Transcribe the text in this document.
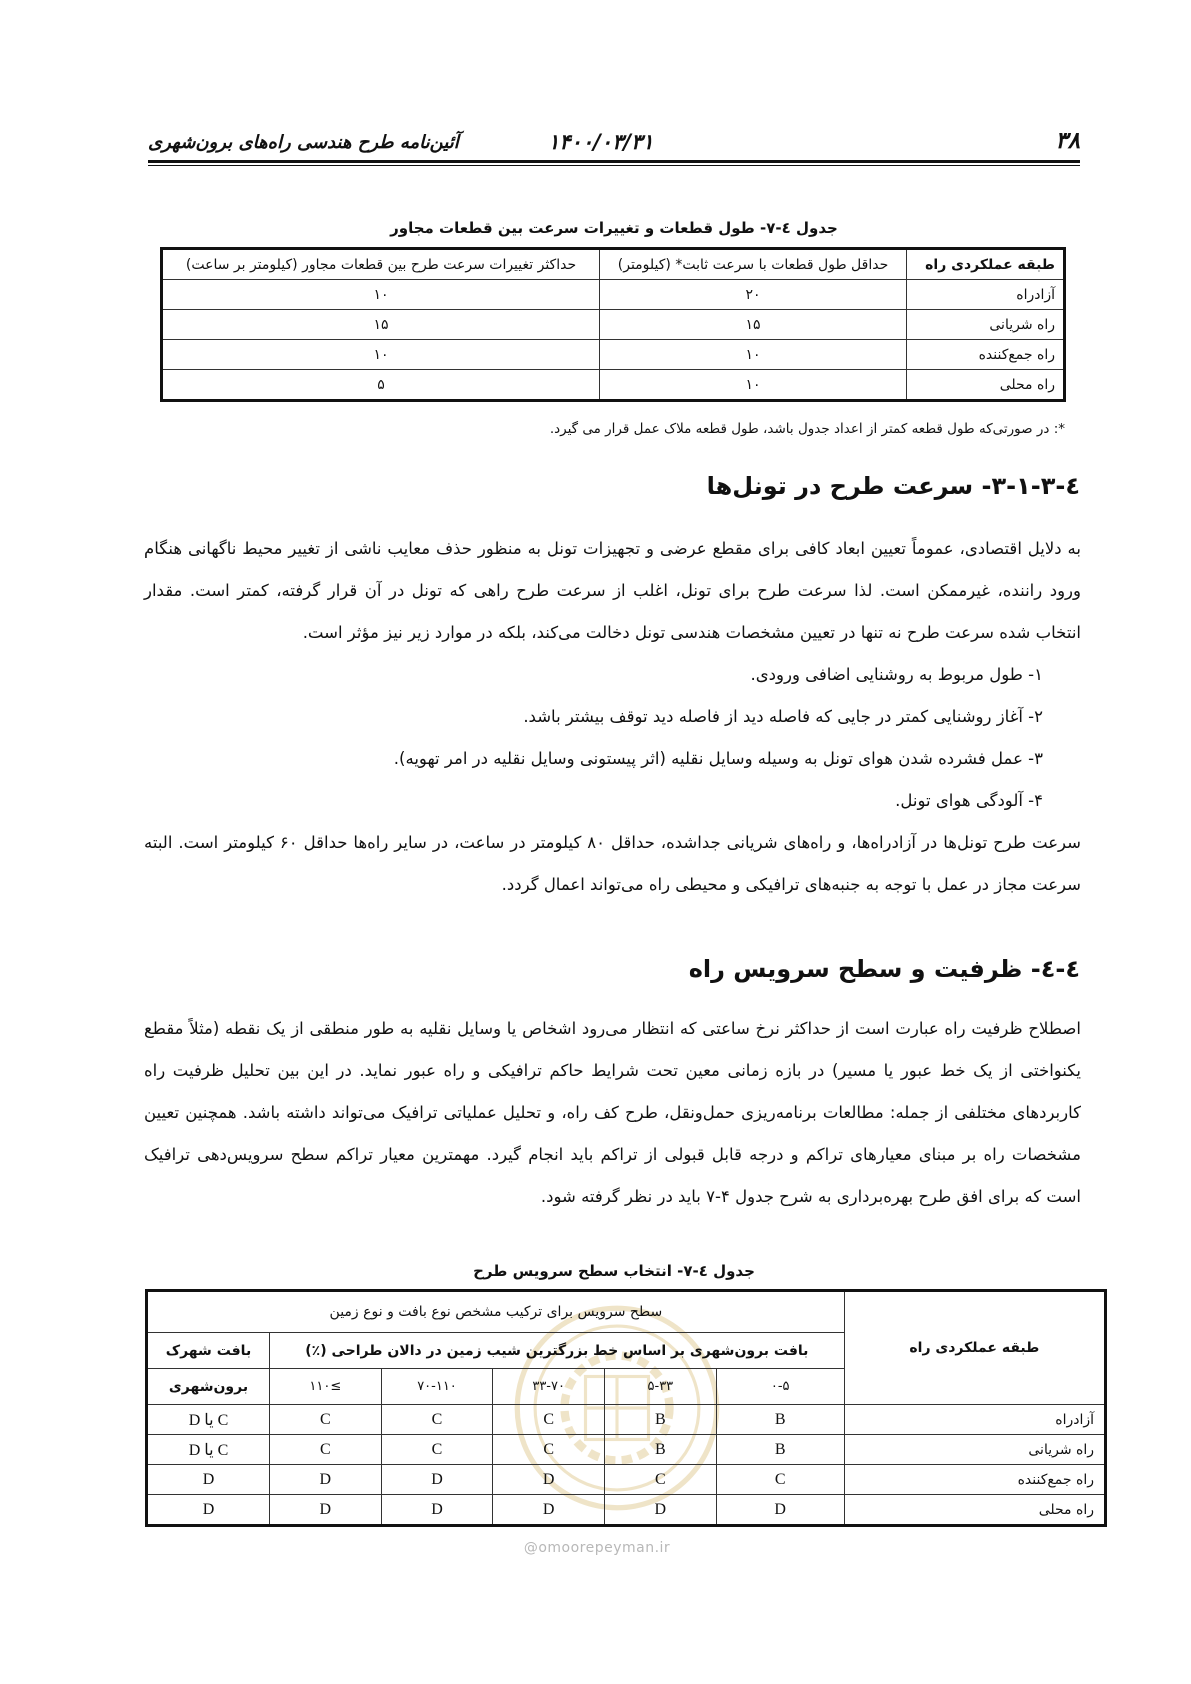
۳۸
۱۴۰۰/۰۳/۳۱
آئین‌نامه طرح هندسی راه‌های برون‌شهری
جدول ٤-٧- طول قطعات و تغییرات سرعت بین قطعات مجاور
طبقه عملکردی راه	حداقل طول قطعات با سرعت ثابت* (کیلومتر)	حداکثر تغییرات سرعت طرح بین قطعات مجاور (کیلومتر بر ساعت)
آزادراه	۲۰	۱۰
راه شریانی	۱۵	۱۵
راه جمع‌کننده	۱۰	۱۰
راه محلی	۱۰	۵
*: در صورتی‌که طول قطعه کمتر از اعداد جدول باشد، طول قطعه ملاک عمل قرار می گیرد.
٤-٣-١-٣- سرعت طرح در تونل‌ها

به دلایل اقتصادی، عموماً تعیین ابعاد کافی برای مقطع عرضی و تجهیزات تونل به منظور حذف معایب ناشی از تغییر محیط ناگهانی هنگام ورود راننده، غیرممکن است. لذا سرعت طرح برای تونل، اغلب از سرعت طرح راهی که تونل در آن قرار گرفته، کمتر است. مقدار انتخاب شده سرعت طرح نه تنها در تعیین مشخصات هندسی تونل دخالت می‌کند، بلکه در موارد زیر نیز مؤثر است.

۱- طول مربوط به روشنایی اضافی ورودی.

۲- آغاز روشنایی کمتر در جایی که فاصله دید از فاصله دید توقف بیشتر باشد.

۳- عمل فشرده شدن هوای تونل به وسیله وسایل نقلیه (اثر پیستونی وسایل نقلیه در امر تهویه).

۴- آلودگی هوای تونل.

سرعت طرح تونل‌ها در آزادراه‌ها، و راه‌های شریانی جداشده، حداقل ۸۰ کیلومتر در ساعت، در سایر راه‌ها حداقل ۶۰ کیلومتر است. البته سرعت مجاز در عمل با توجه به جنبه‌های ترافیکی و محیطی راه می‌تواند اعمال گردد.

٤-٤- ظرفیت و سطح سرویس راه

اصطلاح ظرفیت راه عبارت است از حداکثر نرخ ساعتی که انتظار می‌رود اشخاص یا وسایل نقلیه به طور منطقی از یک نقطه (مثلاً مقطع یکنواختی از یک خط عبور یا مسیر) در بازه زمانی معین تحت شرایط حاکم ترافیکی و راه عبور نماید. در این بین تحلیل ظرفیت راه کاربردهای مختلفی از جمله: مطالعات برنامه‌ریزی حمل‌ونقل، طرح کف راه، و تحلیل عملیاتی ترافیک می‌تواند داشته باشد. همچنین تعیین مشخصات راه بر مبنای معیارهای تراکم و درجه قابل قبولی از تراکم باید انجام گیرد. مهمترین معیار تراکم سطح سرویس‌دهی ترافیک است که برای افق طرح بهره‌برداری به شرح جدول ۴-۷ باید در نظر گرفته شود.

جدول ٤-٧- انتخاب سطح سرویس طرح
طبقه عملکردی راه	سطح سرویس برای ترکیب مشخص نوع بافت و نوع زمین					
	بافت برون‌شهری بر اساس خط بزرگترین شیب زمین در دالان طراحی (٪)					بافت شهرک
	۰-۵	۵-۳۳	۳۳-۷۰	۷۰-۱۱۰	≥۱۱۰	برون‌شهری
آزادراه	B	B	C	C	C	C یا D
راه شریانی	B	B	C	C	C	C یا D
راه جمع‌کننده	C	C	D	D	D	D
راه محلی	D	D	D	D	D	D
@omoorepeyman.ir
